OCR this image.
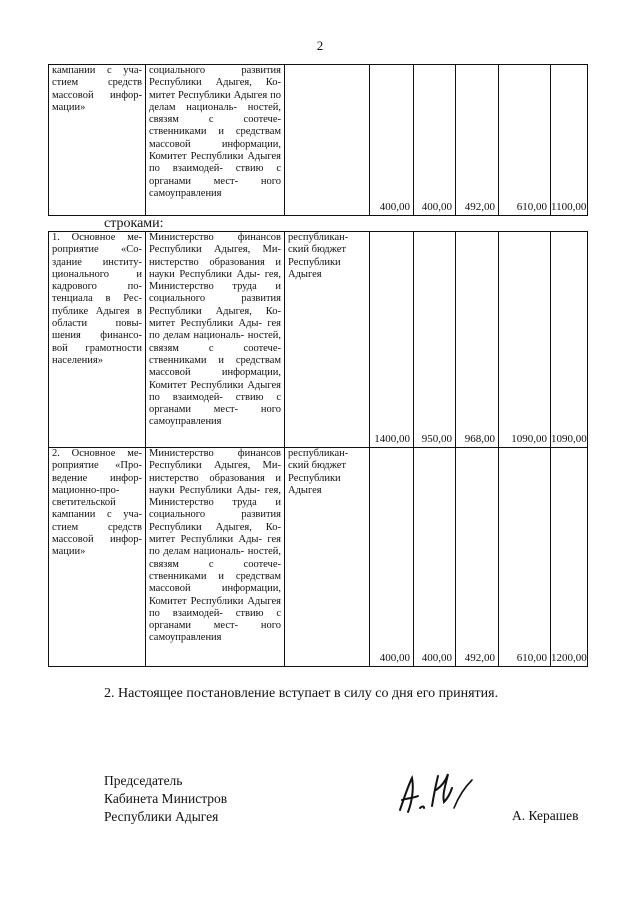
2
кампании с уча- стием средств массовой инфор- мации»	социального развития Республики Адыгея, Ко- митет Республики Адыгея по делам националь- ностей, связям с соотече- ственниками и средствам массовой информации, Комитет Республики Адыгея по взаимодей- ствию с органами мест- ного самоуправления		400,00	400,00	492,00	610,00	1100,00
строками:
1. Основное ме- роприятие «Со- здание институ- ционального и кадрового по- тенциала в Рес- публике Адыгея в области повы- шения финансо- вой грамотности населения»	Министерство финансов Республики Адыгея, Ми- нистерство образования и науки Республики Ады- гея, Министерство труда и социального развития Республики Адыгея, Ко- митет Республики Ады- гея по делам националь- ностей, связям с соотече- ственниками и средствам массовой информации, Комитет Республики Адыгея по взаимодей- ствию с органами мест- ного самоуправления	республикан- ский бюджет Республики Адыгея	1400,00	950,00	968,00	1090,00	1090,00
2. Основное ме- роприятие «Про- ведение инфор- мационно-про- светительской кампании с уча- стием средств массовой инфор- мации»	Министерство финансов Республики Адыгея, Ми- нистерство образования и науки Республики Ады- гея, Министерство труда и социального развития Республики Адыгея, Ко- митет Республики Ады- гея по делам националь- ностей, связям с соотече- ственниками и средствам массовой информации, Комитет Республики Адыгея по взаимодей- ствию с органами мест- ного самоуправления	республикан- ский бюджет Республики Адыгея	400,00	400,00	492,00	610,00	1200,00
2. Настоящее постановление вступает в силу со дня его принятия.
Председатель
Кабинета Министров
Республики Адыгея	А. Керашев
